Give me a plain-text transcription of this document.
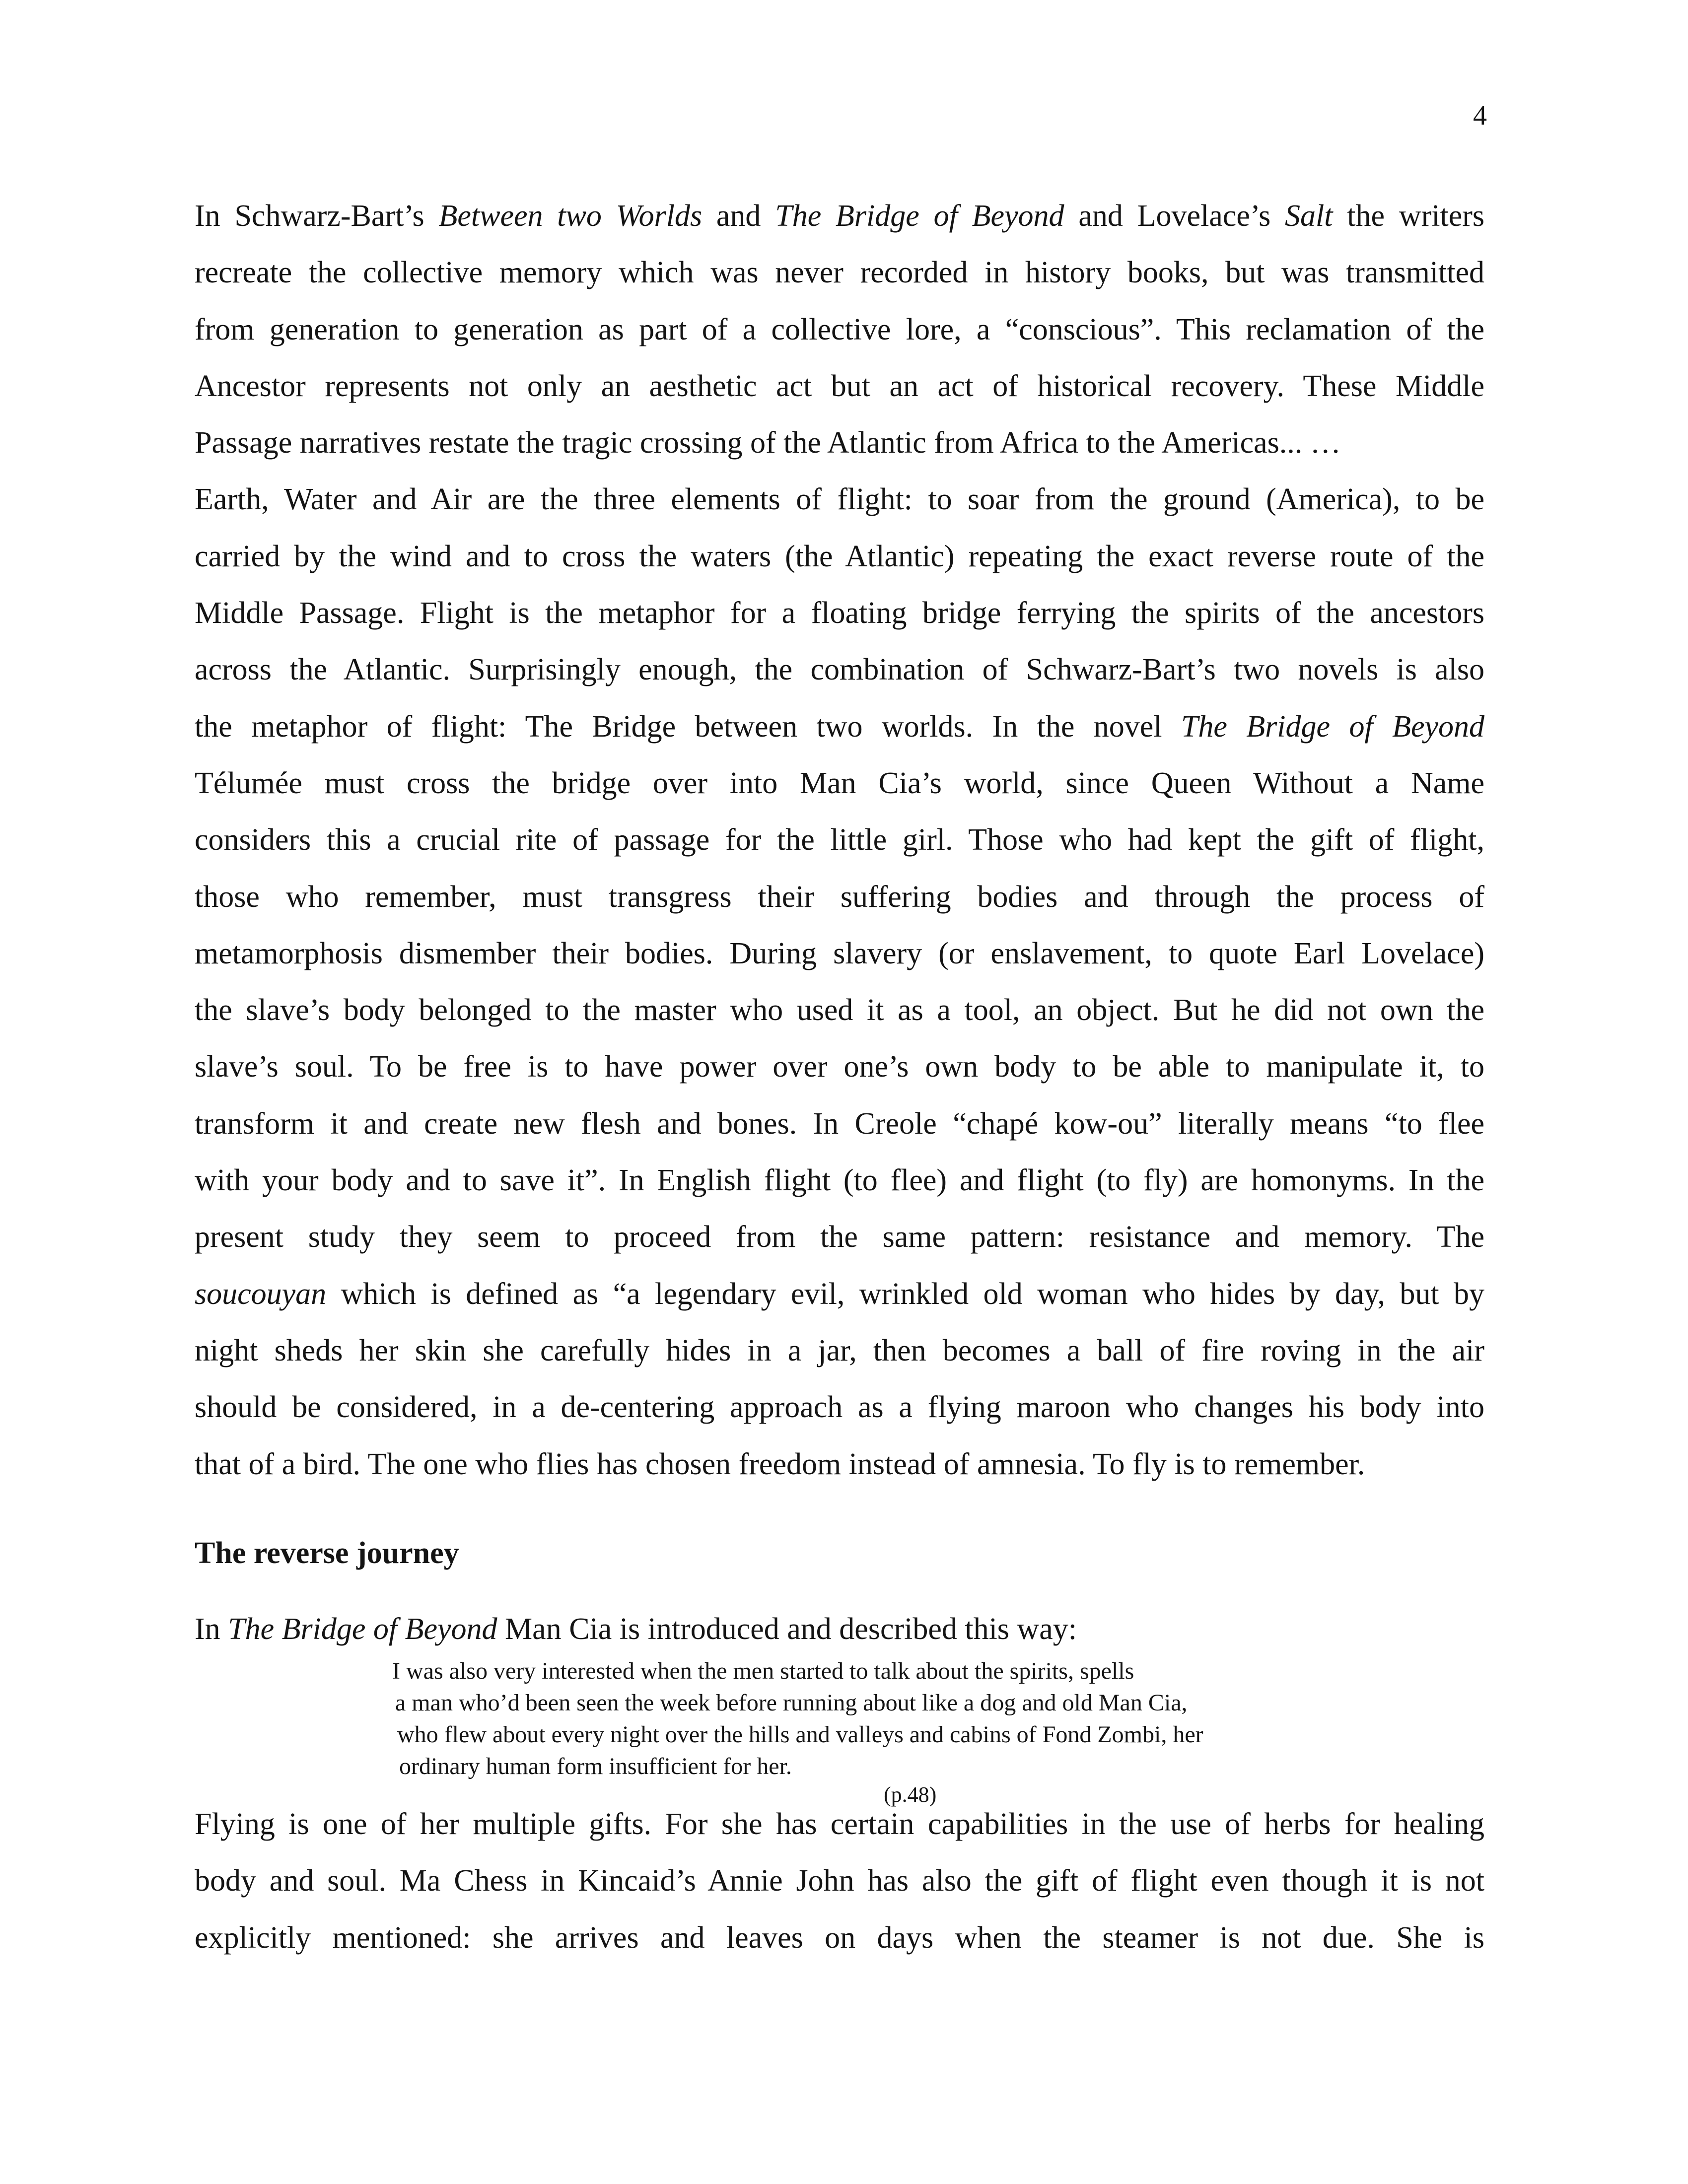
4
In Schwarz-Bart’s Between two Worlds and The Bridge of Beyond and Lovelace’s Salt the writers
recreate the collective memory which was never recorded in history books, but was transmitted
from generation to generation as part of a collective lore, a “conscious”. This reclamation of the
Ancestor represents not only an aesthetic act but an act of historical recovery. These Middle
Passage narratives restate the tragic crossing of the Atlantic from Africa to the Americas... …
Earth, Water and Air are the three elements of flight: to soar from the ground (America), to be
carried by the wind and to cross the waters (the Atlantic) repeating the exact reverse route of the
Middle Passage. Flight is the metaphor for a floating bridge ferrying the spirits of the ancestors
across the Atlantic. Surprisingly enough, the combination of Schwarz-Bart’s two novels is also
the metaphor of flight: The Bridge between two worlds. In the novel The Bridge of Beyond
Télumée must cross the bridge over into Man Cia’s world, since Queen Without a Name
considers this a crucial rite of passage for the little girl. Those who had kept the gift of flight,
those who remember, must transgress their suffering bodies and through the process of
metamorphosis dismember their bodies. During slavery (or enslavement, to quote Earl Lovelace)
the slave’s body belonged to the master who used it as a tool, an object. But he did not own the
slave’s soul. To be free is to have power over one’s own body to be able to manipulate it, to
transform it and create new flesh and bones. In Creole “chapé kow-ou” literally means “to flee
with your body and to save it”. In English flight (to flee) and flight (to fly) are homonyms. In the
present study they seem to proceed from the same pattern: resistance and memory. The
soucouyan which is defined as “a legendary evil, wrinkled old woman who hides by day, but by
night sheds her skin she carefully hides in a jar, then becomes a ball of fire roving in the air
should be considered, in a de-centering approach as a flying maroon who changes his body into
that of a bird. The one who flies has chosen freedom instead of amnesia. To fly is to remember.
The reverse journey
In The Bridge of Beyond Man Cia is introduced and described this way:
I was also very interested when the men started to talk about the spirits, spells
a man who’d been seen the week before running about like a dog and old Man Cia,
who flew about every night over the hills and valleys and cabins of Fond Zombi, her
ordinary human form insufficient for her.
(p.48)
Flying is one of her multiple gifts. For she has certain capabilities in the use of herbs for healing
body and soul. Ma Chess in Kincaid’s Annie John has also the gift of flight even though it is not
explicitly mentioned: she arrives and leaves on days when the steamer is not due. She is
